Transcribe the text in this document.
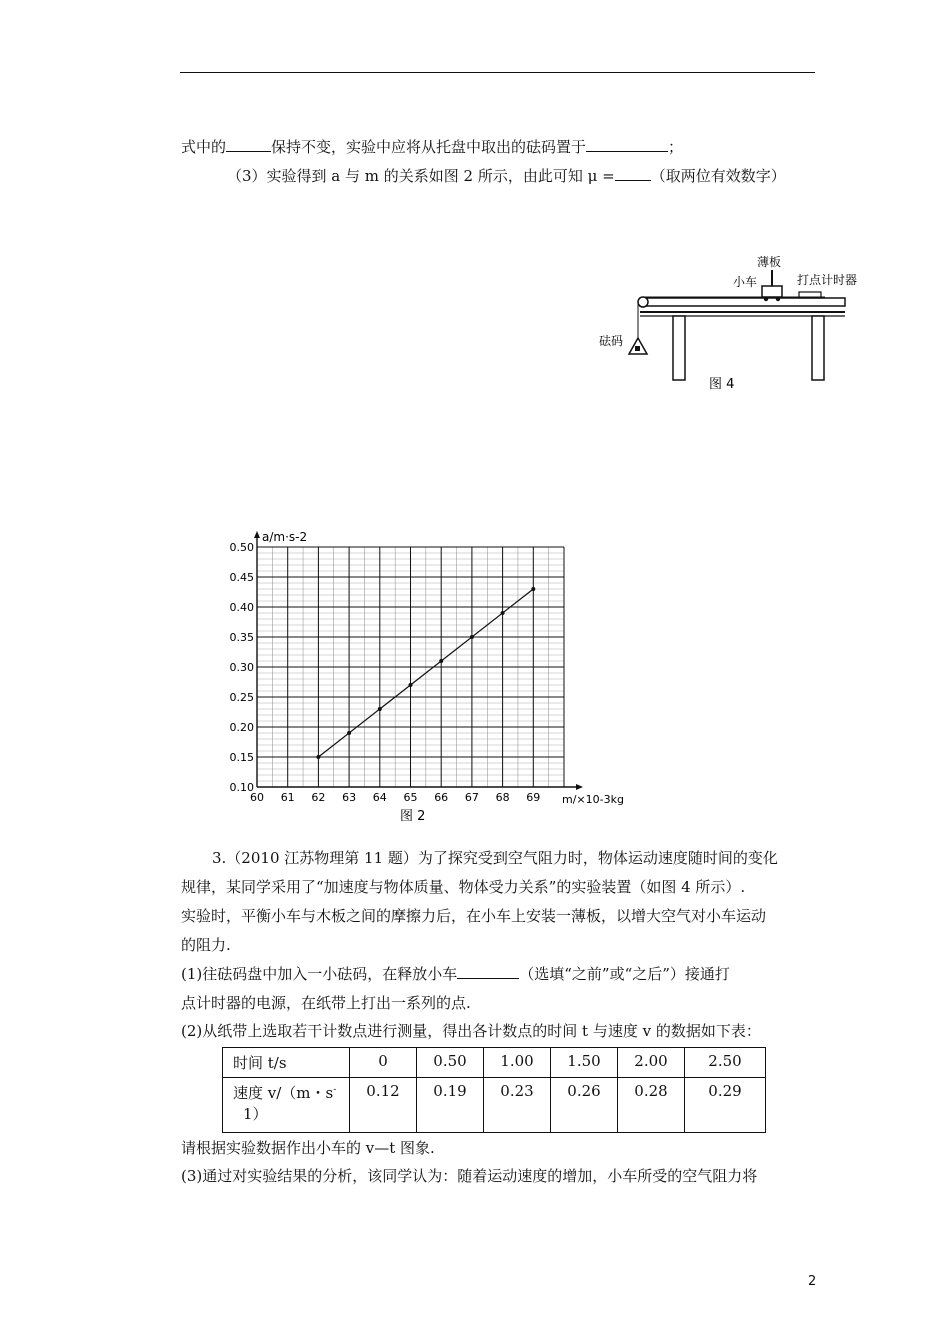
式中的	保持不变，实验中应将从托盘中取出的砝码置于	；
（3）实验得到 a 与 m 的关系如图 2 所示，由此可知 μ = （取两位有效数字）
薄板
小车	打点计时器
砝码
图 4
60 61 62 63 64 65 66 67 68 69
0.50
0.45
0.40
0.35
0.30
0.25
0.20
0.15
0.10
a/m·s-2
m/×10-3kg
图 2
3.（2010 江苏物理第 11 题）为了探究受到空气阻力时，物体运动速度随时间的变化
规律，某同学采用了“加速度与物体质量、物体受力关系”的实验装置（如图 4 所示）.
实验时，平衡小车与木板之间的摩擦力后，在小车上安装一薄板，以增大空气对小车运动
的阻力.
(1)往砝码盘中加入一小砝码，在释放小车	（选填“之前”或“之后”）接通打
点计时器的电源，在纸带上打出一系列的点.
(2)从纸带上选取若干计数点进行测量，得出各计数点的时间 t 与速度 v 的数据如下表：
时间 t/s	0	0.50	1.00	1.50	2.00	2.50
速度 v/（m・s-
1）	0.12	0.19	0.23	0.26	0.28	0.29
请根据实验数据作出小车的 v—t 图象.
(3)通过对实验结果的分析，该同学认为：随着运动速度的增加，小车所受的空气阻力将
2
